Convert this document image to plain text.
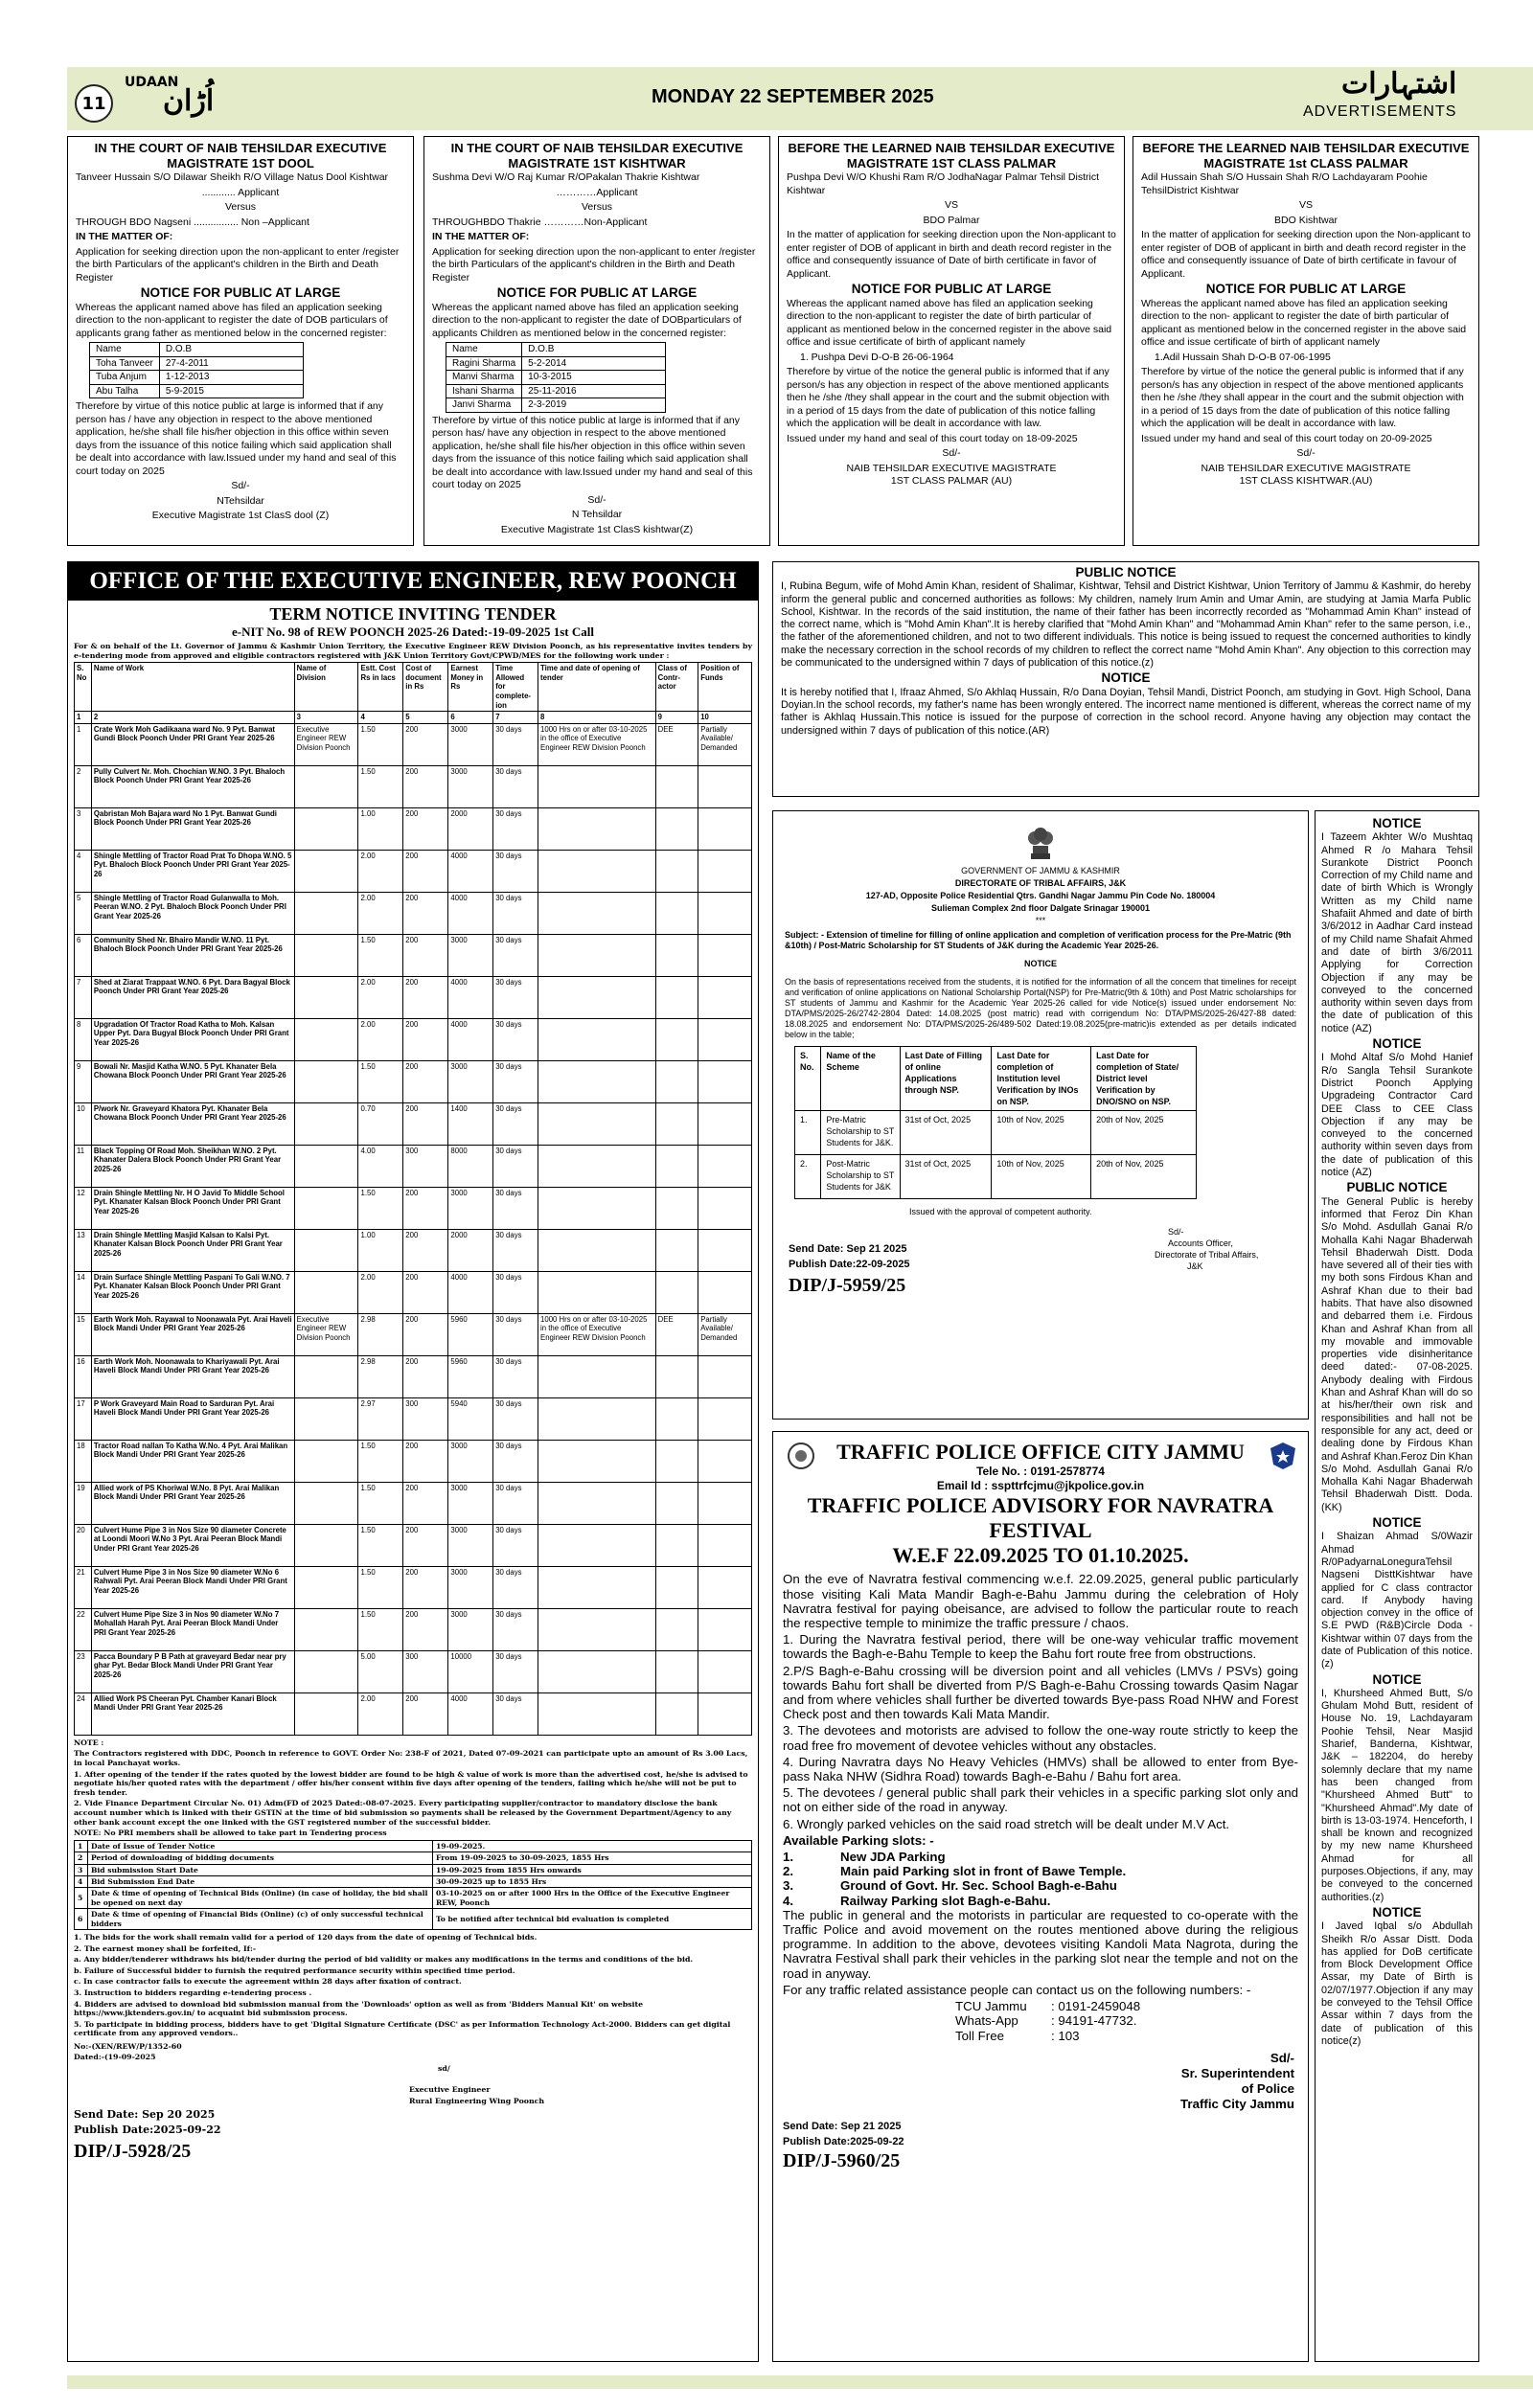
11
UDAAN
اُڑان	MONDAY 22 SEPTEMBER 2025	اشتہارات
ADVERTISEMENTS
IN THE COURT OF NAIB TEHSILDAR EXECUTIVE MAGISTRATE 1ST DOOL

Tanveer Hussain S/O Dilawar Sheikh R/O Village Natus Dool Kishtwar

............ Applicant

Versus

THROUGH BDO Nagseni ................ Non –Applicant

IN THE MATTER OF:

Application for seeking direction upon the non-applicant to enter /register the birth Particulars of the applicant's children in the Birth and Death Register

NOTICE FOR PUBLIC AT LARGE

Whereas the applicant named above has filed an application seeking direction to the non-applicant to register the date of DOB particulars of applicants grang father as mentioned below in the concerned register:

Name	D.O.B
Toha Tanveer	27-4-2011
Tuba Anjum	1-12-2013
Abu Talha	5-9-2015

Therefore by virtue of this notice public at large is informed that if any person has / have any objection in respect to the above mentioned application, he/she shall file his/her objection in this office within seven days from the issuance of this notice failing which said application shall be dealt into accordance with law.Issued under my hand and seal of this court today on 2025

Sd/-

NTehsildar

Executive Magistrate 1st ClasS dool (Z)

IN THE COURT OF NAIB TEHSILDAR EXECUTIVE MAGISTRATE 1ST KISHTWAR

Sushma Devi W/O Raj Kumar R/OPakalan Thakrie Kishtwar

…………Applicant

Versus

THROUGHBDO Thakrie …………Non-Applicant

IN THE MATTER OF:

Application for seeking direction upon the non-applicant to enter /register the birth Particulars of the applicant's children in the Birth and Death Register

NOTICE FOR PUBLIC AT LARGE

Whereas the applicant named above has filed an application seeking direction to the non-applicant to register the date of DOBparticulars of applicants Children as mentioned below in the concerned register:

Name	D.O.B
Ragini Sharma	5-2-2014
Manvi Sharma	10-3-2015
Ishani Sharma	25-11-2016
Janvi Sharma	2-3-2019

Therefore by virtue of this notice public at large is informed that if any person has/ have any objection in respect to the above mentioned application, he/she shall file his/her objection in this office within seven days from the issuance of this notice failing which said application shall be dealt into accordance with law.Issued under my hand and seal of this court today on 2025

Sd/-

N Tehsildar

Executive Magistrate 1st ClasS kishtwar(Z)

BEFORE THE LEARNED NAIB TEHSILDAR EXECUTIVE MAGISTRATE 1ST CLASS PALMAR

Pushpa Devi W/O Khushi Ram R/O JodhaNagar Palmar Tehsil District Kishtwar

VS

BDO Palmar

In the matter of application for seeking direction upon the Non-applicant to enter register of DOB of applicant in birth and death record register in the office and consequently issuance of Date of birth certificate in favor of Applicant.

NOTICE FOR PUBLIC AT LARGE

Whereas the applicant named above has filed an application seeking direction to the non-applicant to register the date of birth particular of applicant as mentioned below in the concerned register in the above said office and issue certificate of birth of applicant namely

1. Pushpa Devi D-O-B 26-06-1964

Therefore by virtue of the notice the general public is informed that if any person/s has any objection in respect of the above mentioned applicants then he /she /they shall appear in the court and the submit objection with in a period of 15 days from the date of publication of this notice falling which the application will be dealt in accordance with law.

Issued under my hand and seal of this court today on 18-09-2025

Sd/-

NAIB TEHSILDAR EXECUTIVE MAGISTRATE 1ST CLASS PALMAR (AU)

BEFORE THE LEARNED NAIB TEHSILDAR EXECUTIVE MAGISTRATE 1st CLASS PALMAR

Adil Hussain Shah S/O Hussain Shah R/O Lachdayaram Poohie TehsilDistrict Kishtwar

VS

BDO Kishtwar

In the matter of application for seeking direction upon the Non-applicant to enter register of DOB of applicant in birth and death record register in the office and consequently issuance of Date of birth certificate in favour of Applicant.

NOTICE FOR PUBLIC AT LARGE

Whereas the applicant named above has filed an application seeking direction to the non- applicant to register the date of birth particular of applicant as mentioned below in the concerned register in the above said office and issue certificate of birth of applicant namely

1.Adil Hussain Shah D-O-B 07-06-1995

Therefore by virtue of the notice the general public is informed that if any person/s has any objection in respect of the above mentioned applicants then he /she /they shall appear in the court and the submit objection with in a period of 15 days from the date of publication of this notice falling which the application will be dealt in accordance with law.

Issued under my hand and seal of this court today on 20-09-2025

Sd/-

NAIB TEHSILDAR EXECUTIVE MAGISTRATE 1ST CLASS KISHTWAR.(AU)

OFFICE OF THE EXECUTIVE ENGINEER, REW POONCH
TERM NOTICE INVITING TENDER
e-NIT No. 98 of REW POONCH 2025-26 Dated:-19-09-2025 1st Call

For & on behalf of the Lt. Governor of Jammu & Kashmir Union Territory, the Executive Engineer REW Division Poonch, as his representative invites tenders by e-tendering mode from approved and eligible contractors registered with J&K Union Territory Govt/CPWD/MES for the following work under :

S. No	Name of Work	Name of Division	Estt. Cost Rs in lacs	Cost of document in Rs	Earnest Money in Rs	Time Allowed for complete-ion	Time and date of opening of tender	Class of Contr-actor	Position of Funds
1	2	3	4	5	6	7	8	9	10
1	Crate Work Moh Gadikaana ward No. 9 Pyt. Banwat Gundi Block Poonch Under PRI Grant Year 2025-26	Executive Engineer REW Division Poonch	1.50	200	3000	30 days	1000 Hrs on or after 03-10-2025 in the office of Executive Engineer REW Division Poonch	DEE	Partially Available/ Demanded
2	Pully Culvert Nr. Moh. Chochian W.NO. 3 Pyt. Bhaloch Block Poonch Under PRI Grant Year 2025-26		1.50	200	3000	30 days			
3	Qabristan Moh Bajara ward No 1 Pyt. Banwat Gundi Block Poonch Under PRI Grant Year 2025-26		1.00	200	2000	30 days			
4	Shingle Mettling of Tractor Road Prat To Dhopa W.NO. 5 Pyt. Bhaloch Block Poonch Under PRI Grant Year 2025-26		2.00	200	4000	30 days			
5	Shingle Mettling of Tractor Road Gulanwalla to Moh. Peeran W.NO. 2 Pyt. Bhaloch Block Poonch Under PRI Grant Year 2025-26		2.00	200	4000	30 days			
6	Community Shed Nr. Bhairo Mandir W.NO. 11 Pyt. Bhaloch Block Poonch Under PRI Grant Year 2025-26		1.50	200	3000	30 days			
7	Shed at Ziarat Trappaat W.NO. 6 Pyt. Dara Bagyal Block Poonch Under PRI Grant Year 2025-26		2.00	200	4000	30 days			
8	Upgradation Of Tractor Road Katha to Moh. Kalsan Upper Pyt. Dara Bugyal Block Poonch Under PRI Grant Year 2025-26		2.00	200	4000	30 days			
9	Bowali Nr. Masjid Katha W.NO. 5 Pyt. Khanater Bela Chowana Block Poonch Under PRI Grant Year 2025-26		1.50	200	3000	30 days			
10	P/work Nr. Graveyard Khatora Pyt. Khanater Bela Chowana Block Poonch Under PRI Grant Year 2025-26		0.70	200	1400	30 days			
11	Black Topping Of Road Moh. Sheikhan W.NO. 2 Pyt. Khanater Dalera Block Poonch Under PRI Grant Year 2025-26		4.00	300	8000	30 days			
12	Drain Shingle Mettling Nr. H O Javid To Middle School Pyt. Khanater Kalsan Block Poonch Under PRI Grant Year 2025-26		1.50	200	3000	30 days			
13	Drain Shingle Mettling Masjid Kalsan to Kalsi Pyt. Khanater Kalsan Block Poonch Under PRI Grant Year 2025-26		1.00	200	2000	30 days			
14	Drain Surface Shingle Mettling Paspani To Gali W.NO. 7 Pyt. Khanater Kalsan Block Poonch Under PRI Grant Year 2025-26		2.00	200	4000	30 days			
15	Earth Work Moh. Rayawal to Noonawala Pyt. Arai Haveli Block Mandi Under PRI Grant Year 2025-26	Executive Engineer REW Division Poonch	2.98	200	5960	30 days	1000 Hrs on or after 03-10-2025 in the office of Executive Engineer REW Division Poonch	DEE	Partially Available/ Demanded
16	Earth Work Moh. Noonawala to Khariyawali Pyt. Arai Haveli Block Mandi Under PRI Grant Year 2025-26		2.98	200	5960	30 days			
17	P Work Graveyard Main Road to Sarduran Pyt. Arai Haveli Block Mandi Under PRI Grant Year 2025-26		2.97	300	5940	30 days			
18	Tractor Road nallan To Katha W.No. 4 Pyt. Arai Malikan Block Mandi Under PRI Grant Year 2025-26		1.50	200	3000	30 days			
19	Allied work of PS Khoriwal W.No. 8 Pyt. Arai Malikan Block Mandi Under PRI Grant Year 2025-26		1.50	200	3000	30 days			
20	Culvert Hume Pipe 3 in Nos Size 90 diameter Concrete at Loondi Moori W.No 3 Pyt. Arai Peeran Block Mandi Under PRI Grant Year 2025-26		1.50	200	3000	30 days			
21	Culvert Hume Pipe 3 in Nos Size 90 diameter W.No 6 Rahwali Pyt. Arai Peeran Block Mandi Under PRI Grant Year 2025-26		1.50	200	3000	30 days			
22	Culvert Hume Pipe Size 3 in Nos 90 diameter W.No 7 Mohallah Harah Pyt. Arai Peeran Block Mandi Under PRI Grant Year 2025-26		1.50	200	3000	30 days			
23	Pacca Boundary P B Path at graveyard Bedar near pry ghar Pyt. Bedar Block Mandi Under PRI Grant Year 2025-26		5.00	300	10000	30 days			
24	Allied Work PS Cheeran Pyt. Chamber Kanari Block Mandi Under PRI Grant Year 2025-26		2.00	200	4000	30 days			

NOTE :

The Contractors registered with DDC, Poonch in reference to GOVT. Order No: 238-F of 2021, Dated 07-09-2021 can participate upto an amount of Rs 3.00 Lacs, in local Panchayat works.

1. After opening of the tender if the rates quoted by the lowest bidder are found to be high & value of work is more than the advertised cost, he/she is advised to negotiate his/her quoted rates with the department / offer his/her consent within five days after opening of the tenders, failing which he/she will not be put to fresh tender.

2. Vide Finance Department Circular No. 01) Adm(FD of 2025 Dated:-08-07-2025. Every participating supplier/contractor to mandatory disclose the bank account number which is linked with their GSTIN at the time of bid submission so payments shall be released by the Government Department/Agency to any other bank account except the one linked with the GST registered number of the successful bidder.

NOTE: No PRI members shall be allowed to take part in Tendering process

1	Date of Issue of Tender Notice	19-09-2025.
2	Period of downloading of bidding documents	From 19-09-2025 to 30-09-2025, 1855 Hrs
3	Bid submission Start Date	19-09-2025 from 1855 Hrs onwards
4	Bid Submission End Date	30-09-2025 up to 1855 Hrs
5	Date & time of opening of Technical Bids (Online) (in case of holiday, the bid shall be opened on next day	03-10-2025 on or after 1000 Hrs in the Office of the Executive Engineer REW, Poonch
6	Date & time of opening of Financial Bids (Online) (c) of only successful technical bidders	To be notified after technical bid evaluation is completed

1. The bids for the work shall remain valid for a period of 120 days from the date of opening of Technical bids.

2. The earnest money shall be forfeited, If:-

a. Any bidder/tenderer withdraws his bid/tender during the period of bid validity or makes any modifications in the terms and conditions of the bid.

b. Failure of Successful bidder to furnish the required performance security within specified time period.

c. In case contractor fails to execute the agreement within 28 days after fixation of contract.

3. Instruction to bidders regarding e-tendering process .

4. Bidders are advised to download bid submission manual from the 'Downloads' option as well as from 'Bidders Manual Kit' on website https://www.jktenders.gov.in/ to acquaint bid submission process.

5. To participate in bidding process, bidders have to get 'Digital Signature Certificate (DSC' as per Information Technology Act-2000. Bidders can get digital certificate from any approved vendors..

No:-(XEN/REW/P/1352-60

Dated:-(19-09-2025

sd/
Executive Engineer
Rural Engineering Wing Poonch
Send Date: Sep 20 2025
Publish Date:2025-09-22
DIP/J-5928/25
PUBLIC NOTICE

I, Rubina Begum, wife of Mohd Amin Khan, resident of Shalimar, Kishtwar, Tehsil and District Kishtwar, Union Territory of Jammu & Kashmir, do hereby inform the general public and concerned authorities as follows: My children, namely Irum Amin and Umar Amin, are studying at Jamia Marfa Public School, Kishtwar. In the records of the said institution, the name of their father has been incorrectly recorded as "Mohammad Amin Khan" instead of the correct name, which is "Mohd Amin Khan".It is hereby clarified that "Mohd Amin Khan" and "Mohammad Amin Khan" refer to the same person, i.e., the father of the aforementioned children, and not to two different individuals. This notice is being issued to request the concerned authorities to kindly make the necessary correction in the school records of my children to reflect the correct name "Mohd Amin Khan". Any objection to this correction may be communicated to the undersigned within 7 days of publication of this notice.(z)

NOTICE

It is hereby notified that I, Ifraaz Ahmed, S/o Akhlaq Hussain, R/o Dana Doyian, Tehsil Mandi, District Poonch, am studying in Govt. High School, Dana Doyian.In the school records, my father's name has been wrongly entered. The incorrect name mentioned is different, whereas the correct name of my father is Akhlaq Hussain.This notice is issued for the purpose of correction in the school record. Anyone having any objection may contact the undersigned within 7 days of publication of this notice.(AR)

GOVERNMENT OF JAMMU & KASHMIR

DIRECTORATE OF TRIBAL AFFAIRS, J&K

127-AD, Opposite Police Residential Qtrs. Gandhi Nagar Jammu Pin Code No. 180004

Sulieman Complex 2nd floor Dalgate Srinagar 190001

***

Subject: - Extension of timeline for filling of online application and completion of verification process for the Pre-Matric (9th &10th) / Post-Matric Scholarship for ST Students of J&K during the Academic Year 2025-26.

NOTICE

On the basis of representations received from the students, it is notified for the information of all the concern that timelines for receipt and verification of online applications on National Scholarship Portal(NSP) for Pre-Matric(9th & 10th) and Post Matric scholarships for ST students of Jammu and Kashmir for the Academic Year 2025-26 called for vide Notice(s) issued under endorsement No: DTA/PMS/2025-26/2742-2804 Dated: 14.08.2025 (post matric) read with corrigendum No: DTA/PMS/2025-26/427-88 dated: 18.08.2025 and endorsement No: DTA/PMS/2025-26/489-502 Dated:19.08.2025(pre-matric)is extended as per details indicated below in the table;

S. No.	Name of the Scheme	Last Date of Filling of online Applications through NSP.	Last Date for completion of Institution level Verification by INOs on NSP.	Last Date for completion of State/ District level Verification by DNO/SNO on NSP.
1.	Pre-Matric Scholarship to ST Students for J&K.	31st of Oct, 2025	10th of Nov, 2025	20th of Nov, 2025
2.	Post-Matric Scholarship to ST Students for J&K	31st of Oct, 2025	10th of Nov, 2025	20th of Nov, 2025

Issued with the approval of competent authority.

Sd/-
Accounts Officer,
Directorate of Tribal Affairs,
J&K
Send Date: Sep 21 2025
Publish Date:22-09-2025
DIP/J-5959/25
TRAFFIC POLICE OFFICE CITY JAMMU
Tele No. : 0191-2578774
Email Id : sspttrfcjmu@jkpolice.gov.in
TRAFFIC POLICE ADVISORY FOR NAVRATRA FESTIVAL
W.E.F 22.09.2025 TO 01.10.2025.

On the eve of Navratra festival commencing w.e.f. 22.09.2025, general public particularly those visiting Kali Mata Mandir Bagh-e-Bahu Jammu during the celebration of Holy Navratra festival for paying obeisance, are advised to follow the particular route to reach the respective temple to minimize the traffic pressure / chaos.

1. During the Navratra festival period, there will be one-way vehicular traffic movement towards the Bagh-e-Bahu Temple to keep the Bahu fort route free from obstructions.

2.P/S Bagh-e-Bahu crossing will be diversion point and all vehicles (LMVs / PSVs) going towards Bahu fort shall be diverted from P/S Bagh-e-Bahu Crossing towards Qasim Nagar and from where vehicles shall further be diverted towards Bye-pass Road NHW and Forest Check post and then towards Kali Mata Mandir.

3. The devotees and motorists are advised to follow the one-way route strictly to keep the road free fro movement of devotee vehicles without any obstacles.

4. During Navratra days No Heavy Vehicles (HMVs) shall be allowed to enter from Bye-pass Naka NHW (Sidhra Road) towards Bagh-e-Bahu / Bahu fort area.

5. The devotees / general public shall park their vehicles in a specific parking slot only and not on either side of the road in anyway.

6. Wrongly parked vehicles on the said road stretch will be dealt under M.V Act.

Available Parking slots: -

1.	New JDA Parking
2.	Main paid Parking slot in front of Bawe Temple.
3.	Ground of Govt. Hr. Sec. School Bagh-e-Bahu
4.	Railway Parking slot Bagh-e-Bahu.

The public in general and the motorists in particular are requested to co-operate with the Traffic Police and avoid movement on the routes mentioned above during the religious programme. In addition to the above, devotees visiting Kandoli Mata Nagrota, during the Navratra Festival shall park their vehicles in the parking slot near the temple and not on the road in anyway.

For any traffic related assistance people can contact us on the following numbers: -

TCU Jammu	: 0191-2459048
Whats-App	: 94191-47732.
Toll Free	: 103
Sd/-
Sr. Superintendent
of Police
Traffic City Jammu
Send Date: Sep 21 2025
Publish Date:2025-09-22
DIP/J-5960/25
NOTICE

I Tazeem Akhter W/o Mushtaq Ahmed R /o Mahara Tehsil Surankote District Poonch Correction of my Child name and date of birth Which is Wrongly Written as my Child name Shafaiit Ahmed and date of birth 3/6/2012 in Aadhar Card instead of my Child name Shafait Ahmed and date of birth 3/6/2011 Applying for Correction Objection if any may be conveyed to the concerned authority within seven days from the date of publication of this notice (AZ)

NOTICE

I Mohd Altaf S/o Mohd Hanief R/o Sangla Tehsil Surankote District Poonch Applying Upgradeing Contractor Card DEE Class to CEE Class Objection if any may be conveyed to the concerned authority within seven days from the date of publication of this notice (AZ)

PUBLIC NOTICE

The General Public is hereby informed that Feroz Din Khan S/o Mohd. Asdullah Ganai R/o Mohalla Kahi Nagar Bhaderwah Tehsil Bhaderwah Distt. Doda have severed all of their ties with my both sons Firdous Khan and Ashraf Khan due to their bad habits. That have also disowned and debarred them i.e. Firdous Khan and Ashraf Khan from all my movable and immovable properties vide disinheritance deed dated:- 07-08-2025. Anybody dealing with Firdous Khan and Ashraf Khan will do so at his/her/their own risk and responsibilities and hall not be responsible for any act, deed or dealing done by Firdous Khan and Ashraf Khan.Feroz Din Khan S/o Mohd. Asdullah Ganai R/o Mohalla Kahi Nagar Bhaderwah Tehsil Bhaderwah Distt. Doda.(KK)

NOTICE

I Shaizan Ahmad S/0Wazir Ahmad R/0PadyarnaLoneguraTehsil Nagseni DisttKishtwar have applied for C class contractor card. If Anybody having objection convey in the office of S.E PWD (R&B)Circle Doda -Kishtwar within 07 days from the date of Publication of this notice.(z)

NOTICE

I, Khursheed Ahmed Butt, S/o Ghulam Mohd Butt, resident of House No. 19, Lachdayaram Poohie Tehsil, Near Masjid Sharief, Banderna, Kishtwar, J&K – 182204, do hereby solemnly declare that my name has been changed from "Khursheed Ahmed Butt" to "Khursheed Ahmad".My date of birth is 13-03-1974. Henceforth, I shall be known and recognized by my new name Khursheed Ahmad for all purposes.Objections, if any, may be conveyed to the concerned authorities.(z)

NOTICE

I Javed Iqbal s/o Abdullah Sheikh R/o Assar Distt. Doda has applied for DoB certificate from Block Development Office Assar, my Date of Birth is 02/07/1977.Objection if any may be conveyed to the Tehsil Office Assar within 7 days from the date of publication of this notice(z)
